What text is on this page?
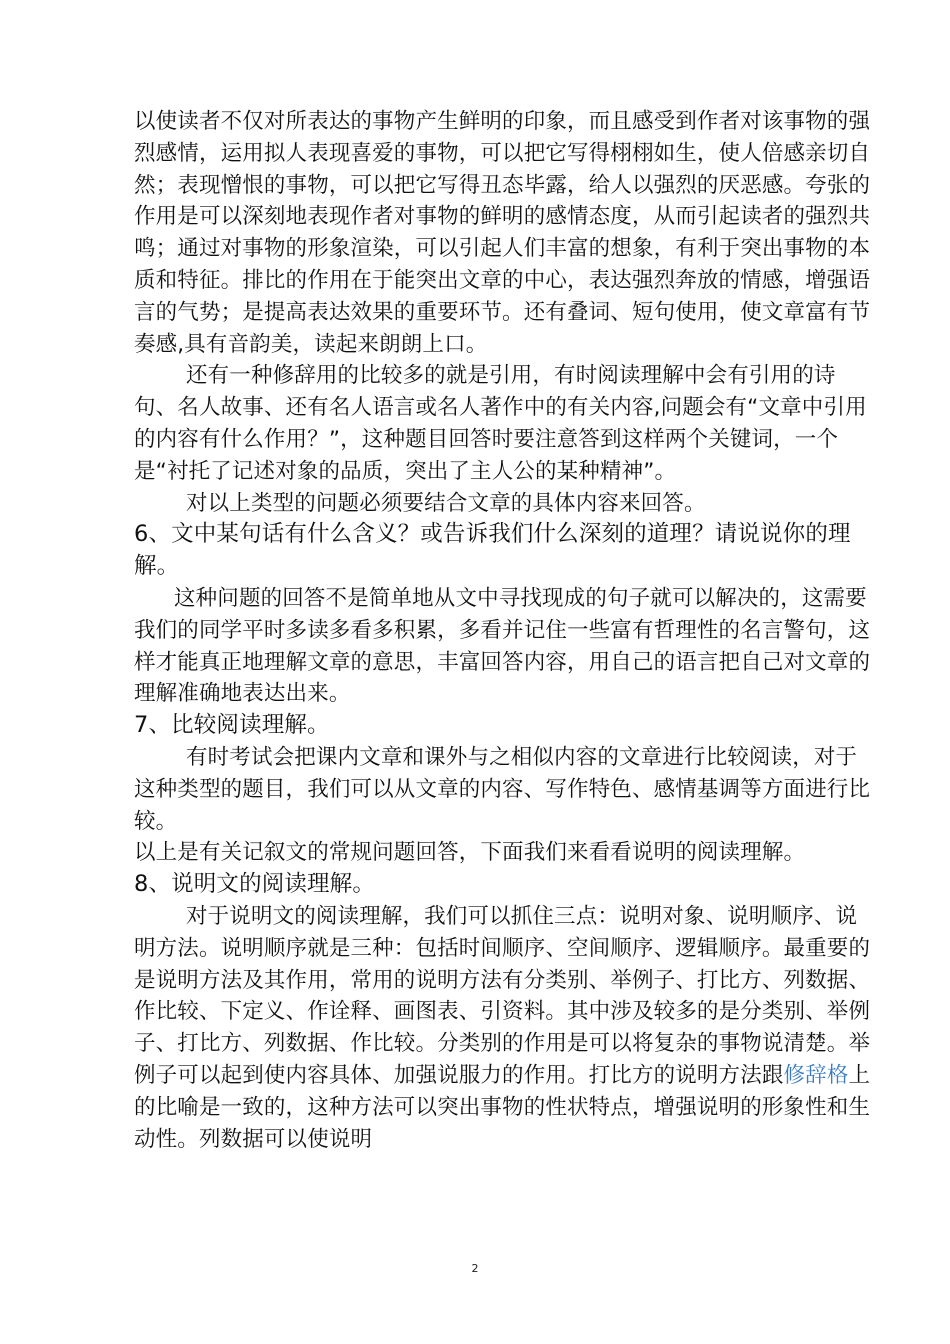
以使读者不仅对所表达的事物产生鲜明的印象，而且感受到作者对该事物的强烈感情，运用拟人表现喜爱的事物，可以把它写得栩栩如生，使人倍感亲切自然；表现憎恨的事物，可以把它写得丑态毕露，给人以强烈的厌恶感。夸张的作用是可以深刻地表现作者对事物的鲜明的感情态度，从而引起读者的强烈共鸣；通过对事物的形象渲染，可以引起人们丰富的想象，有利于突出事物的本质和特征。排比的作用在于能突出文章的中心，表达强烈奔放的情感，增强语言的气势；是提高表达效果的重要环节。还有叠词、短句使用，使文章富有节奏感,具有音韵美，读起来朗朗上口。

还有一种修辞用的比较多的就是引用，有时阅读理解中会有引用的诗句、名人故事、还有名人语言或名人著作中的有关内容,问题会有“文章中引用的内容有什么作用？”，这种题目回答时要注意答到这样两个关键词，一个是“衬托了记述对象的品质，突出了主人公的某种精神”。

对以上类型的问题必须要结合文章的具体内容来回答。

6、文中某句话有什么含义？或告诉我们什么深刻的道理？请说说你的理解。

这种问题的回答不是简单地从文中寻找现成的句子就可以解决的，这需要我们的同学平时多读多看多积累，多看并记住一些富有哲理性的名言警句，这样才能真正地理解文章的意思，丰富回答内容，用自己的语言把自己对文章的理解准确地表达出来。

7、比较阅读理解。

有时考试会把课内文章和课外与之相似内容的文章进行比较阅读，对于这种类型的题目，我们可以从文章的内容、写作特色、感情基调等方面进行比较。

以上是有关记叙文的常规问题回答，下面我们来看看说明的阅读理解。

8、说明文的阅读理解。

对于说明文的阅读理解，我们可以抓住三点：说明对象、说明顺序、说明方法。说明顺序就是三种：包括时间顺序、空间顺序、逻辑顺序。最重要的是说明方法及其作用，常用的说明方法有分类别、举例子、打比方、列数据、作比较、下定义、作诠释、画图表、引资料。其中涉及较多的是分类别、举例子、打比方、列数据、作比较。分类别的作用是可以将复杂的事物说清楚。举例子可以起到使内容具体、加强说服力的作用。打比方的说明方法跟修辞格上的比喻是一致的，这种方法可以突出事物的性状特点，增强说明的形象性和生动性。列数据可以使说明

2
